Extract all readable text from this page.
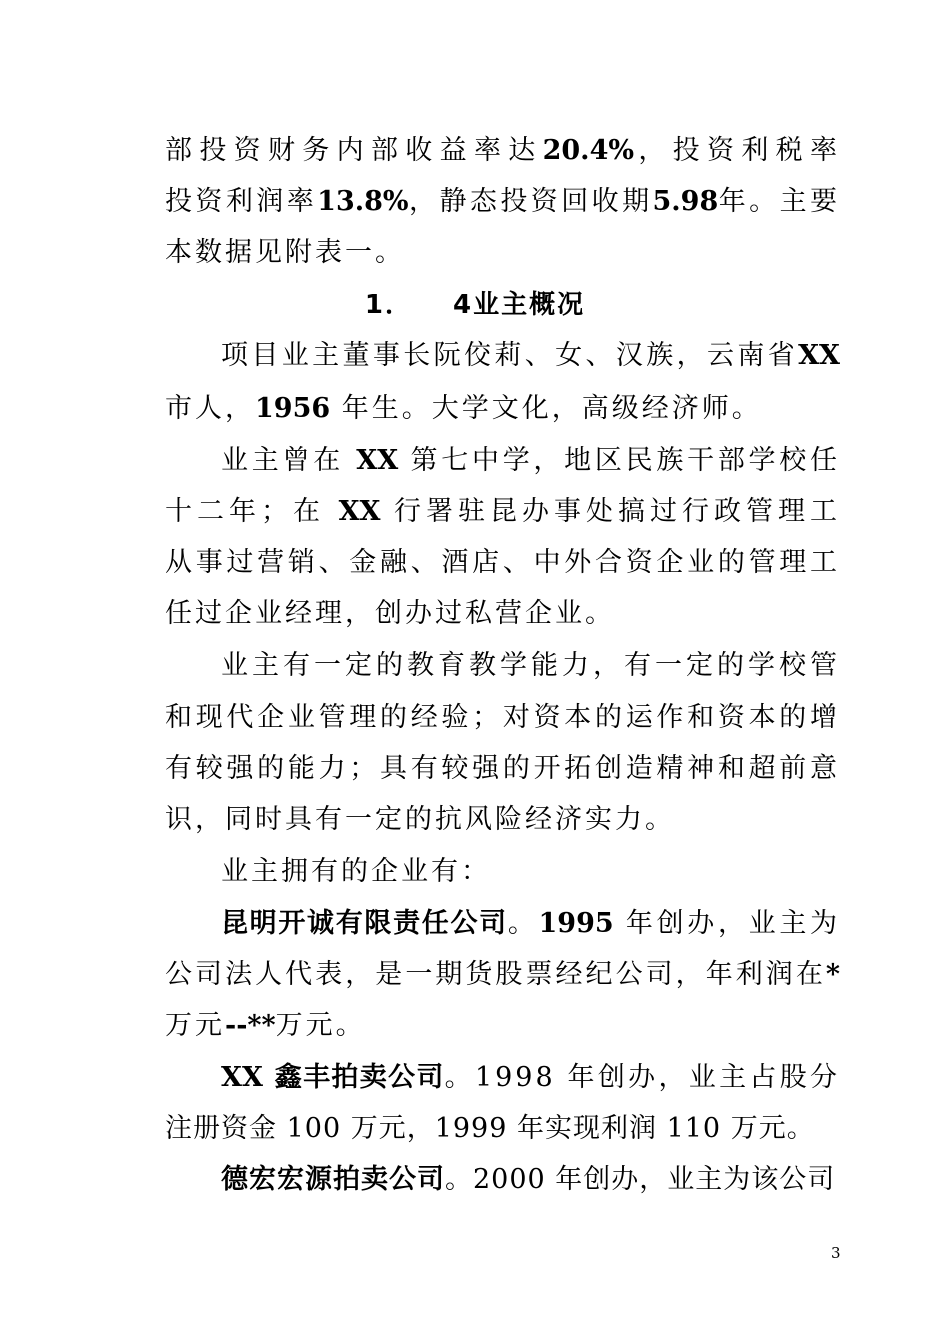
部投资财务内部收益率达20.4%，投资利税率
投资利润率13.8%，静态投资回收期5.98年。主要
本数据见附表一。
1． 4业主概况
项目业主董事长阮佼莉、女、汉族，云南省XX
市人，1956 年生。大学文化，高级经济师。
业主曾在 XX 第七中学，地区民族干部学校任
十二年；在 XX 行署驻昆办事处搞过行政管理工
从事过营销、金融、酒店、中外合资企业的管理工
任过企业经理，创办过私营企业。
业主有一定的教育教学能力，有一定的学校管
和现代企业管理的经验；对资本的运作和资本的增
有较强的能力；具有较强的开拓创造精神和超前意
识，同时具有一定的抗风险经济实力。
业主拥有的企业有：
昆明开诚有限责任公司。1995 年创办，业主为
公司法人代表，是一期货股票经纪公司，年利润在*
万元--**万元。
XX 鑫丰拍卖公司。1998 年创办，业主占股分
注册资金 100 万元，1999 年实现利润 110 万元。
德宏宏源拍卖公司。2000 年创办，业主为该公司
3
